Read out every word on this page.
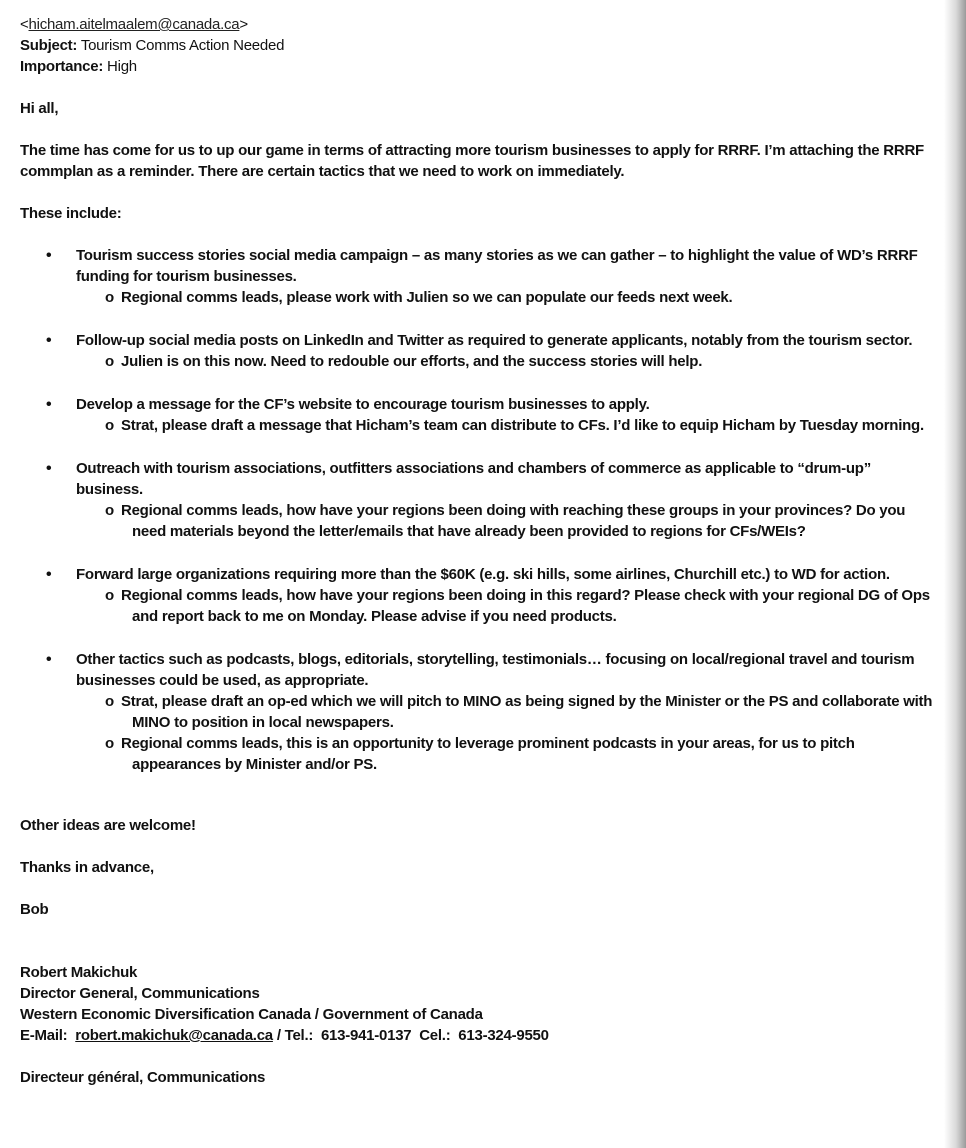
<hicham.aitelmaalem@canada.ca>
Subject: Tourism Comms Action Needed
Importance: High

Hi all,

The time has come for us to up our game in terms of attracting more tourism businesses to apply for RRRF. I’m attaching the RRRF commplan as a reminder. There are certain tactics that we need to work on immediately.

These include:

• Tourism success stories social media campaign – as many stories as we can gather – to highlight the value of WD’s RRRF funding for tourism businesses.
o Regional comms leads, please work with Julien so we can populate our feeds next week.
• Follow-up social media posts on LinkedIn and Twitter as required to generate applicants, notably from the tourism sector.
o Julien is on this now. Need to redouble our efforts, and the success stories will help.
• Develop a message for the CF’s website to encourage tourism businesses to apply.
o Strat, please draft a message that Hicham’s team can distribute to CFs. I’d like to equip Hicham by Tuesday morning.
• Outreach with tourism associations, outfitters associations and chambers of commerce as applicable to “drum-up” business.
o Regional comms leads, how have your regions been doing with reaching these groups in your provinces? Do you need materials beyond the letter/emails that have already been provided to regions for CFs/WEIs?
• Forward large organizations requiring more than the $60K (e.g. ski hills, some airlines, Churchill etc.) to WD for action.
o Regional comms leads, how have your regions been doing in this regard? Please check with your regional DG of Ops and report back to me on Monday. Please advise if you need products.
• Other tactics such as podcasts, blogs, editorials, storytelling, testimonials… focusing on local/regional travel and tourism businesses could be used, as appropriate.
o Strat, please draft an op-ed which we will pitch to MINO as being signed by the Minister or the PS and collaborate with MINO to position in local newspapers.
o Regional comms leads, this is an opportunity to leverage prominent podcasts in your areas, for us to pitch appearances by Minister and/or PS.

Other ideas are welcome!

Thanks in advance,

Bob

Robert Makichuk

Director General, Communications

Western Economic Diversification Canada / Government of Canada

E-Mail: robert.makichuk@canada.ca / Tel.:  613-941-0137  Cel.:  613-324-9550

Directeur général, Communications
